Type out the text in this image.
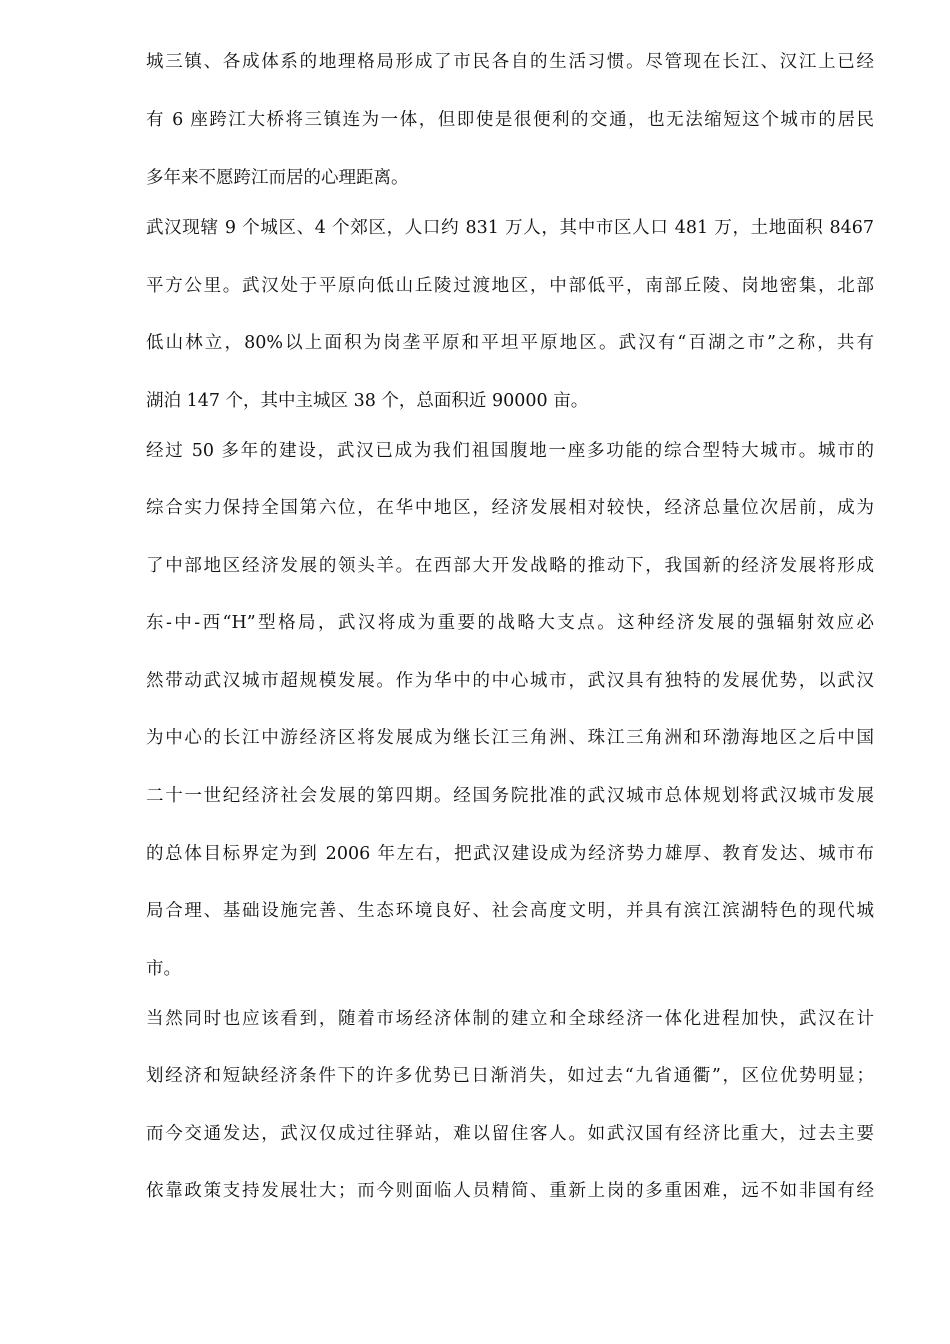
城三镇、各成体系的地理格局形成了市民各自的生活习惯。尽管现在长江、汉江上已经
有 6 座跨江大桥将三镇连为一体，但即使是很便利的交通，也无法缩短这个城市的居民
多年来不愿跨江而居的心理距离。
武汉现辖 9 个城区、4 个郊区，人口约 831 万人，其中市区人口 481 万，土地面积 8467
平方公里。武汉处于平原向低山丘陵过渡地区，中部低平，南部丘陵、岗地密集，北部
低山林立，80%以上面积为岗垄平原和平坦平原地区。武汉有“百湖之市”之称，共有
湖泊 147 个，其中主城区 38 个，总面积近 90000 亩。
经过 50 多年的建设，武汉已成为我们祖国腹地一座多功能的综合型特大城市。城市的
综合实力保持全国第六位，在华中地区，经济发展相对较快，经济总量位次居前，成为
了中部地区经济发展的领头羊。在西部大开发战略的推动下，我国新的经济发展将形成
东-中-西“H”型格局，武汉将成为重要的战略大支点。这种经济发展的强辐射效应必
然带动武汉城市超规模发展。作为华中的中心城市，武汉具有独特的发展优势，以武汉
为中心的长江中游经济区将发展成为继长江三角洲、珠江三角洲和环渤海地区之后中国
二十一世纪经济社会发展的第四期。经国务院批准的武汉城市总体规划将武汉城市发展
的总体目标界定为到 2006 年左右，把武汉建设成为经济势力雄厚、教育发达、城市布
局合理、基础设施完善、生态环境良好、社会高度文明，并具有滨江滨湖特色的现代城
市。
当然同时也应该看到，随着市场经济体制的建立和全球经济一体化进程加快，武汉在计
划经济和短缺经济条件下的许多优势已日渐消失，如过去“九省通衢”，区位优势明显；
而今交通发达，武汉仅成过往驿站，难以留住客人。如武汉国有经济比重大，过去主要
依靠政策支持发展壮大；而今则面临人员精简、重新上岗的多重困难，远不如非国有经
